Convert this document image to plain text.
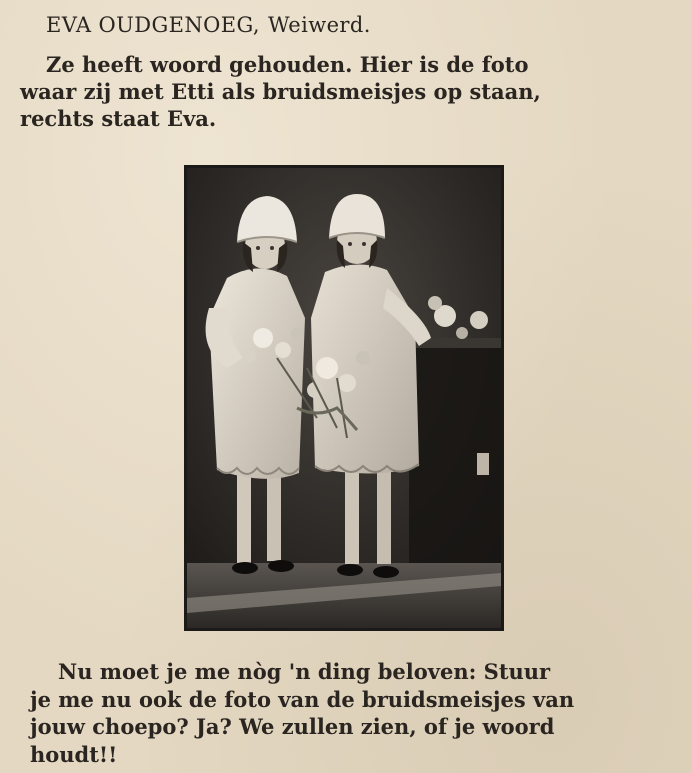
EVA OUDGENOEG, Weiwerd.
Ze heeft woord gehouden. Hier is de foto
waar zij met Etti als bruidsmeisjes op staan,
rechts staat Eva.
Nu moet je me nòg 'n ding beloven: Stuur
je me nu ook de foto van de bruidsmeisjes van
jouw choepo? Ja? We zullen zien, of je woord
houdt!!
